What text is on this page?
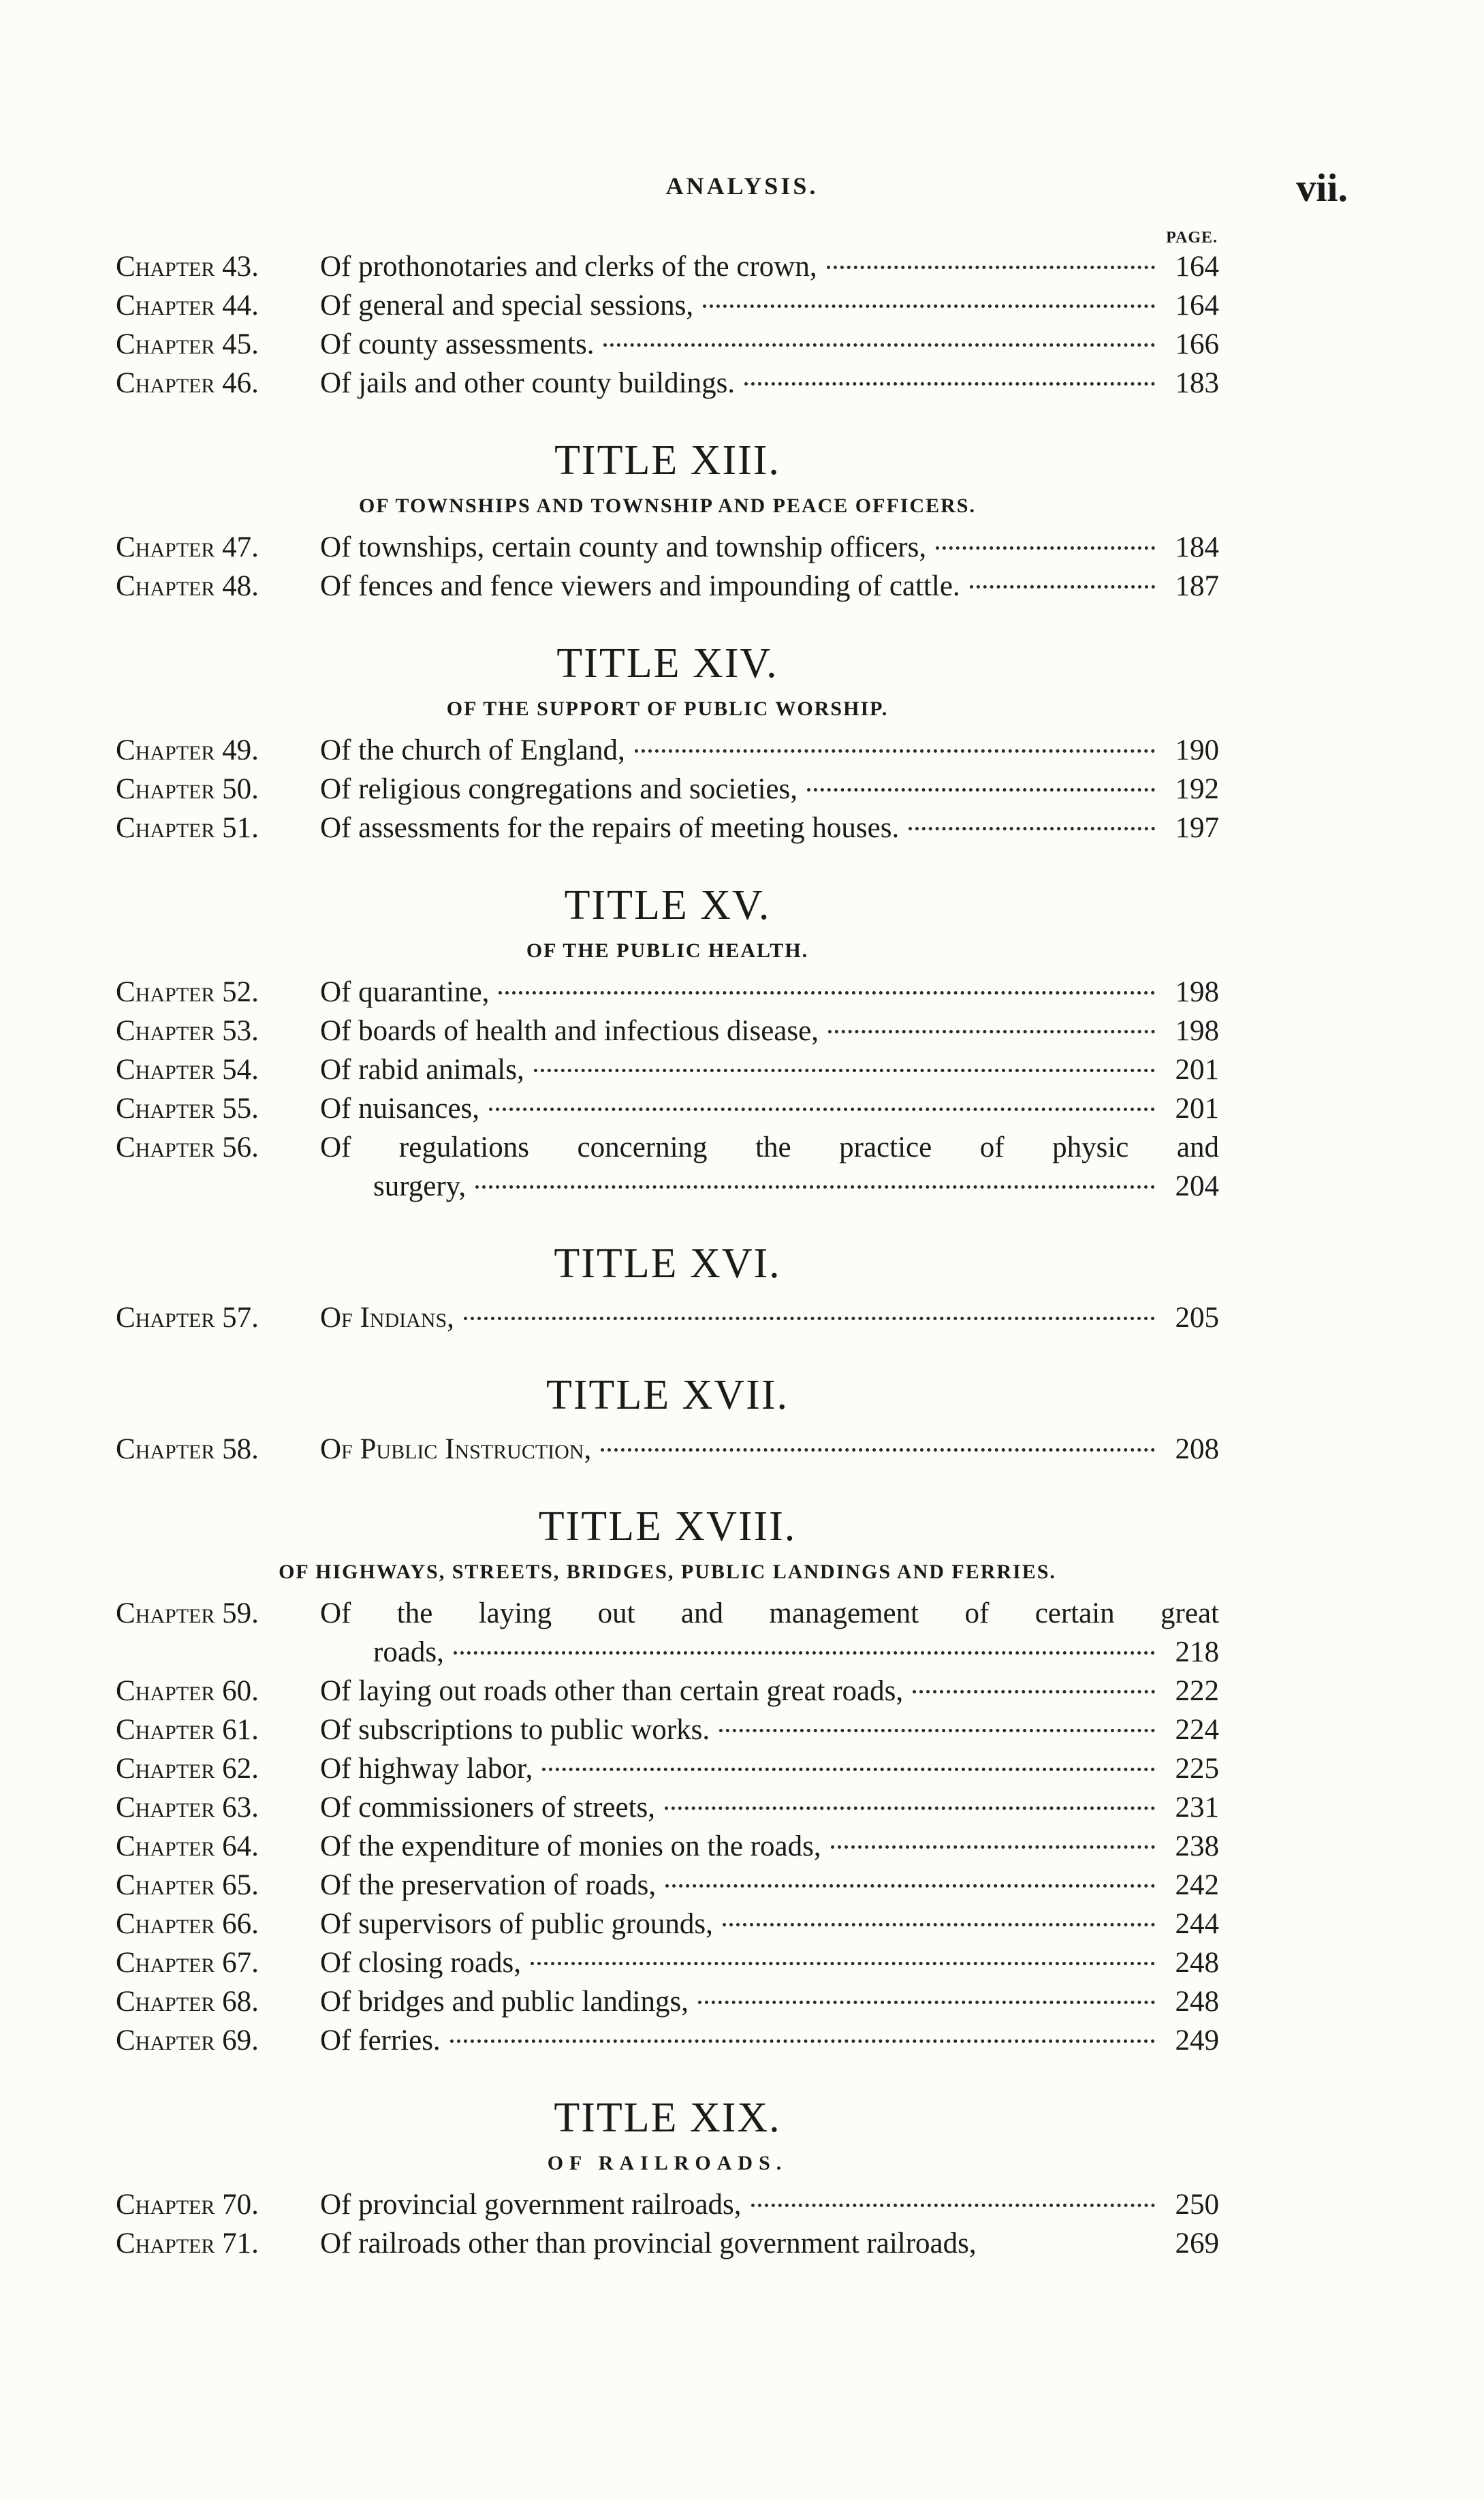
ANALYSIS.	vii.
PAGE.
Chapter 43.	Of prothonotaries and clerks of the crown,	164
Chapter 44.	Of general and special sessions,	164
Chapter 45.	Of county assessments.	166
Chapter 46.	Of jails and other county buildings.	183
TITLE XIII.
OF TOWNSHIPS AND TOWNSHIP AND PEACE OFFICERS.
Chapter 47.	Of townships, certain county and township officers,	184
Chapter 48.	Of fences and fence viewers and impounding of cattle.	187
TITLE XIV.
OF THE SUPPORT OF PUBLIC WORSHIP.
Chapter 49.	Of the church of England,	190
Chapter 50.	Of religious congregations and societies,	192
Chapter 51.	Of assessments for the repairs of meeting houses.	197
TITLE XV.
OF THE PUBLIC HEALTH.
Chapter 52.	Of quarantine,	198
Chapter 53.	Of boards of health and infectious disease,	198
Chapter 54.	Of rabid animals,	201
Chapter 55.	Of nuisances,	201
Chapter 56.	Of regulations concerning the practice of physic and
surgery,	204
TITLE XVI.
Chapter 57.	Of Indians,	205
TITLE XVII.
Chapter 58.	Of Public Instruction,	208
TITLE XVIII.
OF HIGHWAYS, STREETS, BRIDGES, PUBLIC LANDINGS AND FERRIES.
Chapter 59.	Of the laying out and management of certain great
roads,	218
Chapter 60.	Of laying out roads other than certain great roads,	222
Chapter 61.	Of subscriptions to public works.	224
Chapter 62.	Of highway labor,	225
Chapter 63.	Of commissioners of streets,	231
Chapter 64.	Of the expenditure of monies on the roads,	238
Chapter 65.	Of the preservation of roads,	242
Chapter 66.	Of supervisors of public grounds,	244
Chapter 67.	Of closing roads,	248
Chapter 68.	Of bridges and public landings,	248
Chapter 69.	Of ferries.	249
TITLE XIX.
OF RAILROADS.
Chapter 70.	Of provincial government railroads,	250
Chapter 71.	Of railroads other than provincial government railroads,	269
